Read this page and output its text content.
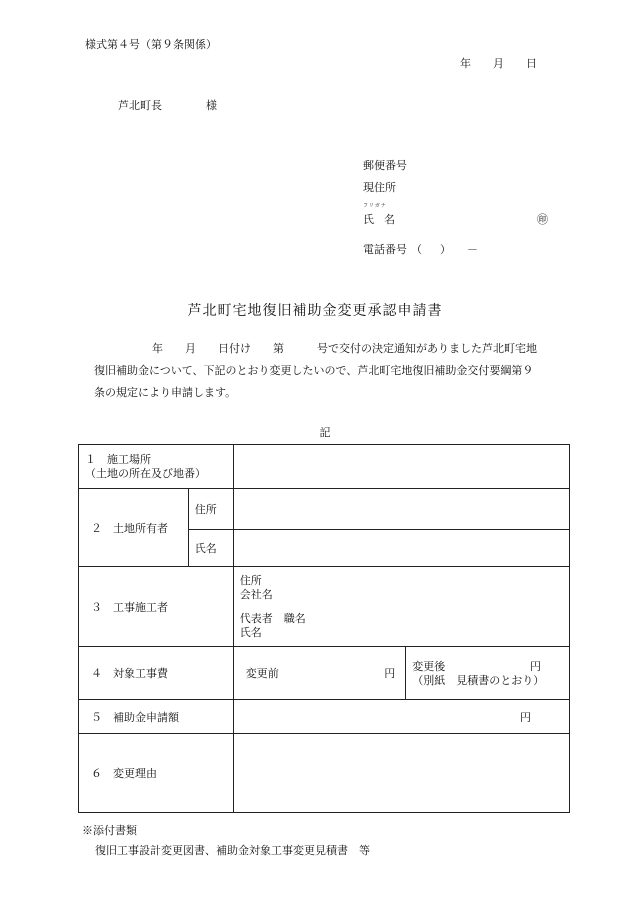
様式第４号（第９条関係）
年 月 日
芦北町長	様
郵便番号
現住所
フリガナ
氏 名	㊞
電話番号 （ ） －
芦北町宅地復旧補助金変更承認申請書
年　　月　　日付け　　第　　　号で交付の決定通知がありました芦北町宅地
復旧補助金について、下記のとおり変更したいので、芦北町宅地復旧補助金交付要綱第９
条の規定により申請します。
記
１　施工場所
（土地の所在及び地番）			

２　土地所有者	住所		
	氏名		
３　工事施工者		住所
会社名
代表者　職名
氏名	

４　対象工事費		変更前 円	変更後 円
（別紙　見積書のとおり）

５　補助金申請額		円	
６　変更理由			
※添付書類
復旧工事設計変更図書、補助金対象工事変更見積書　等
